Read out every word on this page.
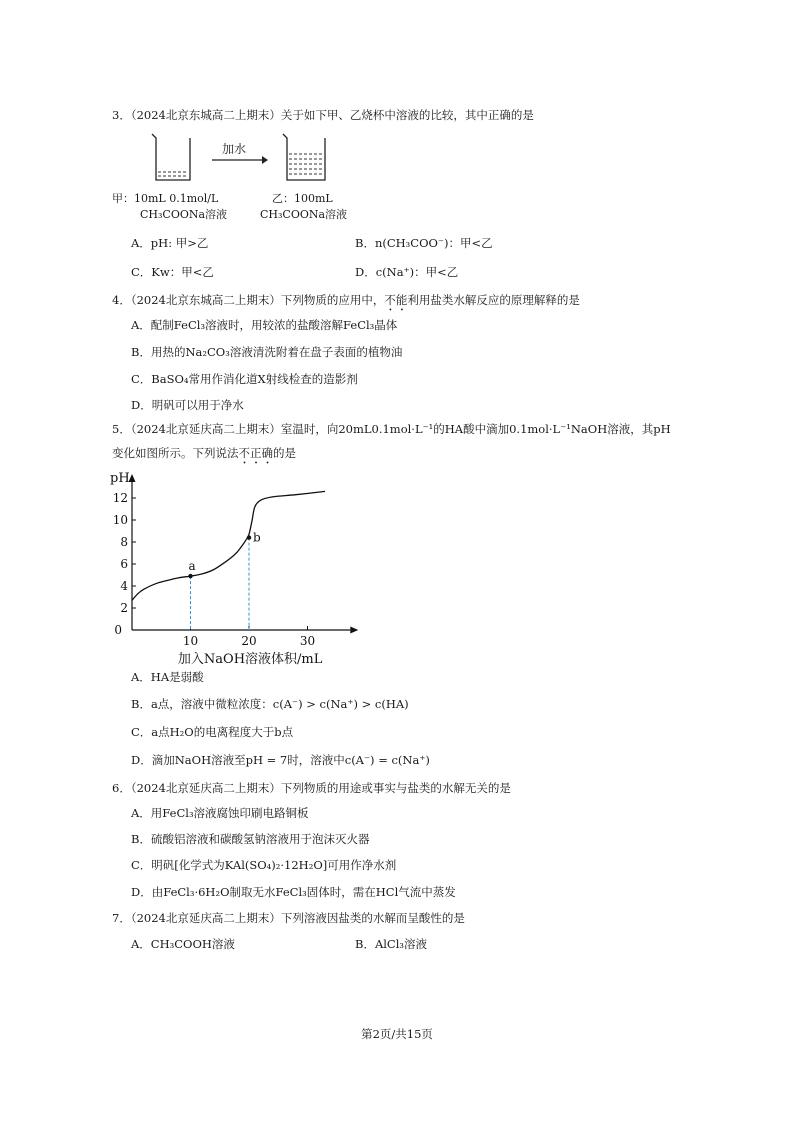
3．（2024北京东城高二上期末）关于如下甲、乙烧杯中溶液的比较，其中正确的是
加水
甲：10mL 0.1mol/L
CH₃COONa溶液
乙：100mL
CH₃COONa溶液
A．pH: 甲>乙	B．n(CH₃COO⁻)：甲<乙
C．Kw：甲<乙	D．c(Na⁺)：甲<乙
4．（2024北京东城高二上期末）下列物质的应用中，不能利用盐类水解反应的原理解释的是
A．配制FeCl₃溶液时，用较浓的盐酸溶解FeCl₃晶体
B．用热的Na₂CO₃溶液清洗附着在盘子表面的植物油
C．BaSO₄常用作消化道X射线检查的造影剂
D．明矾可以用于净水
5．（2024北京延庆高二上期末）室温时，向20mL0.1mol·L⁻¹的HA酸中滴加0.1mol·L⁻¹NaOH溶液，其pH
变化如图所示。下列说法不正确的是
pH
0
2
4
6
8
10
12
10	20	30
加入NaOH溶液体积/mL
a
b
A．HA是弱酸
B．a点，溶液中微粒浓度：c(A⁻) > c(Na⁺) > c(HA)
C．a点H₂O的电离程度大于b点
D．滴加NaOH溶液至pH = 7时，溶液中c(A⁻) = c(Na⁺)
6．（2024北京延庆高二上期末）下列物质的用途或事实与盐类的水解无关的是
A．用FeCl₃溶液腐蚀印刷电路铜板
B．硫酸铝溶液和碳酸氢钠溶液用于泡沫灭火器
C．明矾[化学式为KAl(SO₄)₂·12H₂O]可用作净水剂
D．由FeCl₃·6H₂O制取无水FeCl₃固体时，需在HCl气流中蒸发
7．（2024北京延庆高二上期末）下列溶液因盐类的水解而呈酸性的是
A．CH₃COOH溶液	B．AlCl₃溶液
第2页/共15页
